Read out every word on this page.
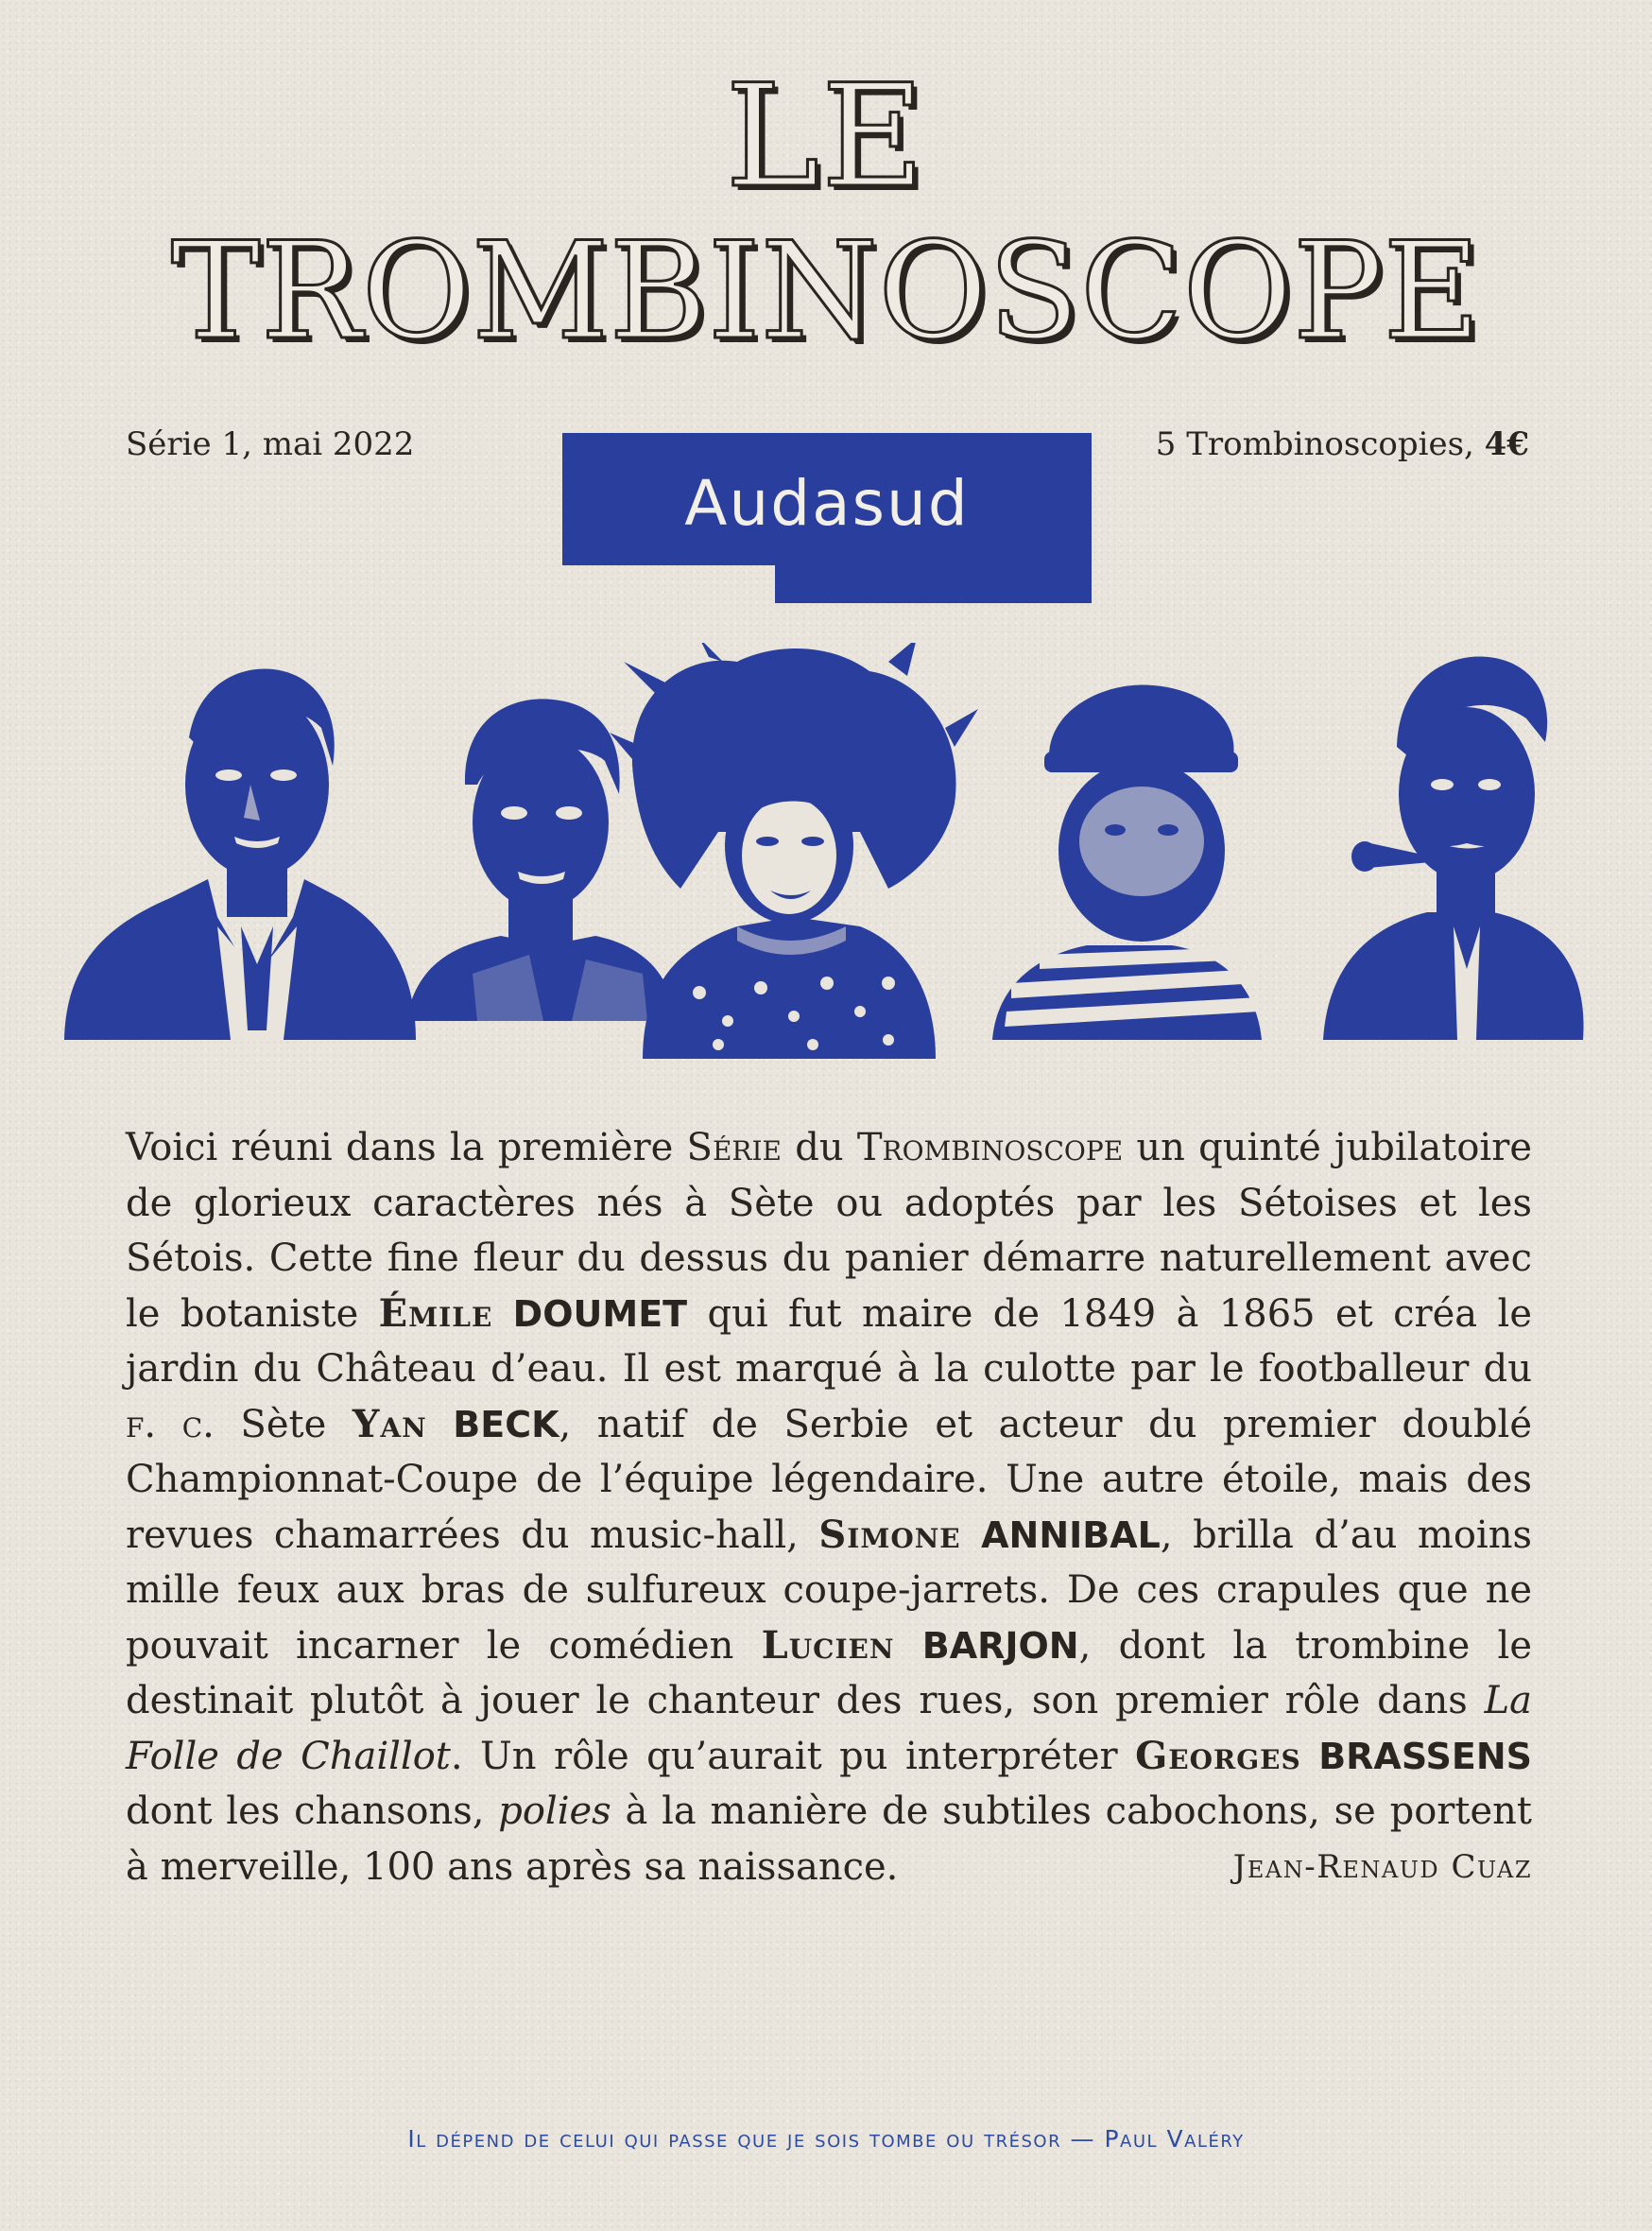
LE
TROMBINOSCOPE
Série 1, mai 2022	5 Trombinoscopies, 4€
Audasud

Voici réuni dans la première Série du Trombinoscope un quinté jubilatoire de glorieux caractères nés à Sète ou adoptés par les Sétoises et les Sétois. Cette fine fleur du dessus du panier démarre naturellement avec le botaniste Émile DOUMET qui fut maire de 1849 à 1865 et créa le jardin du Château d’eau. Il est marqué à la culotte par le footballeur du f. c. Sète Yan BECK, natif de Serbie et acteur du premier doublé Championnat-Coupe de l’équipe légendaire. Une autre étoile, mais des revues chamarrées du music-hall, Simone ANNIBAL, brilla d’au moins mille feux aux bras de sulfureux coupe-jarrets. De ces crapules que ne pouvait incarner le comédien Lucien BARJON, dont la trombine le destinait plutôt à jouer le chanteur des rues, son premier rôle dans La Folle de Chaillot. Un rôle qu’aurait pu interpréter Georges BRASSENS dont les chansons, polies à la manière de subtiles cabochons, se portent à merveille, 100 ans après sa naissance.	Jean-Renaud Cuaz

Il dépend de celui qui passe que je sois tombe ou trésor — Paul Valéry
